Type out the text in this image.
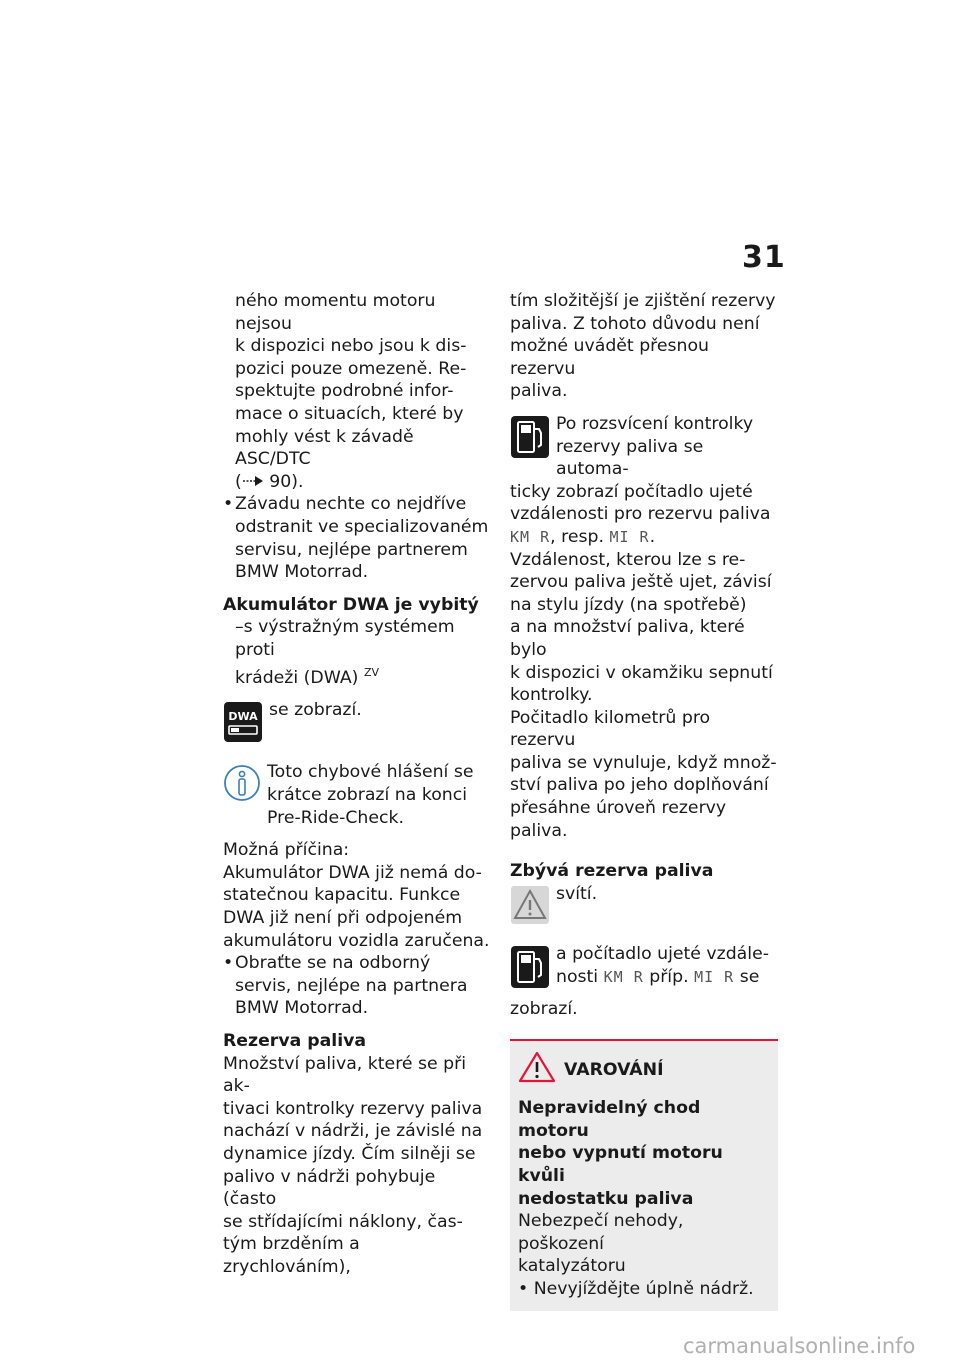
31

ného momentu motoru nejsou
k dispozici nebo jsou k dis-
pozici pouze omezeně. Re-
spektujte podrobné infor-
mace o situacích, které by
mohly vést k závadě ASC/DTC
( 90).

• Závadu nechte co nejdříve
odstranit ve specializovaném
servisu, nejlépe partnerem
BMW Motorrad.

Akumulátor DWA je vybitý

–s výstražným systémem proti
krádeži (DWA) $^{ZV}$

DWA se zobrazí.
Toto chybové hlášení se
krátce zobrazí na konci
Pre-Ride-Check.

Možná příčina:
Akumulátor DWA již nemá do-
statečnou kapacitu. Funkce
DWA již není při odpojeném
akumulátoru vozidla zaručena.

• Obraťte se na odborný
servis, nejlépe na partnera
BMW Motorrad.

Rezerva paliva

Množství paliva, které se při ak-
tivaci kontrolky rezervy paliva
nachází v nádrži, je závislé na
dynamice jízdy. Čím silněji se
palivo v nádrži pohybuje (často
se střídajícími náklony, čas-
tým brzděním a zrychlováním),

tím složitější je zjištění rezervy
paliva. Z tohoto důvodu není
možné uvádět přesnou rezervu
paliva.

Po rozsvícení kontrolky
rezervy paliva se automa-
ticky zobrazí počítadlo ujeté
vzdálenosti pro rezervu paliva
KM R, resp. MI R.

Vzdálenost, kterou lze s re-
zervou paliva ještě ujet, závisí
na stylu jízdy (na spotřebě)
a na množství paliva, které bylo
k dispozici v okamžiku sepnutí
kontrolky.
Počitadlo kilometrů pro rezervu
paliva se vynuluje, když množ-
ství paliva po jeho doplňování
přesáhne úroveň rezervy paliva.

Zbývá rezerva paliva

svítí.
a počítadlo ujeté vzdále-
nosti KM R příp. MI R se
zobrazí.
VAROVÁNÍ
Nepravidelný chod motoru
nebo vypnutí motoru kvůli
nedostatku paliva
Nebezpečí nehody, poškození
katalyzátoru
• Nevyjíždějte úplně nádrž.
carmanualsonline.info
